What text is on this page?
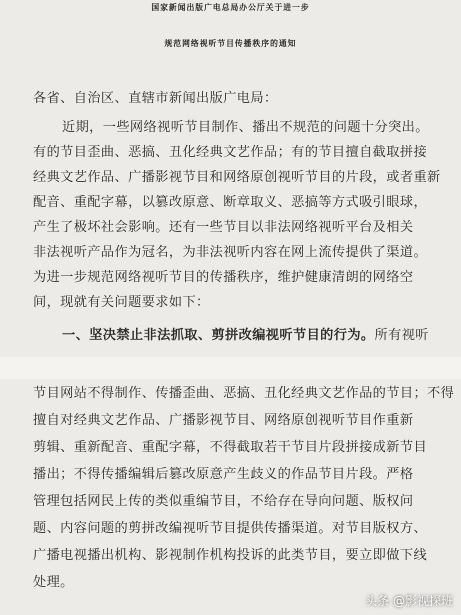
国家新闻出版广电总局办公厅关于进一步
规范网络视听节目传播秩序的通知
各省、自治区、直辖市新闻出版广电局：
近期，一些网络视听节目制作、播出不规范的问题十分突出。
有的节目歪曲、恶搞、丑化经典文艺作品；有的节目擅自截取拼接
经典文艺作品、广播影视节目和网络原创视听节目的片段，或者重新
配音、重配字幕，以篡改原意、断章取义、恶搞等方式吸引眼球，
产生了极坏社会影响。还有一些节目以非法网络视听平台及相关
非法视听产品作为冠名，为非法视听内容在网上流传提供了渠道。
为进一步规范网络视听节目的传播秩序，维护健康清朗的网络空
间，现就有关问题要求如下：
一、坚决禁止非法抓取、剪拼改编视听节目的行为。所有视听
节目网站不得制作、传播歪曲、恶搞、丑化经典文艺作品的节目；不得
擅自对经典文艺作品、广播影视节目、网络原创视听节目作重新
剪辑、重新配音、重配字幕，不得截取若干节目片段拼接成新节目
播出；不得传播编辑后篡改原意产生歧义的作品节目片段。严格
管理包括网民上传的类似重编节目，不给存在导向问题、版权问
题、内容问题的剪拼改编视听节目提供传播渠道。对节目版权方、
广播电视播出机构、影视制作机构投诉的此类节目，要立即做下线
处理。
头条 @影视探班
